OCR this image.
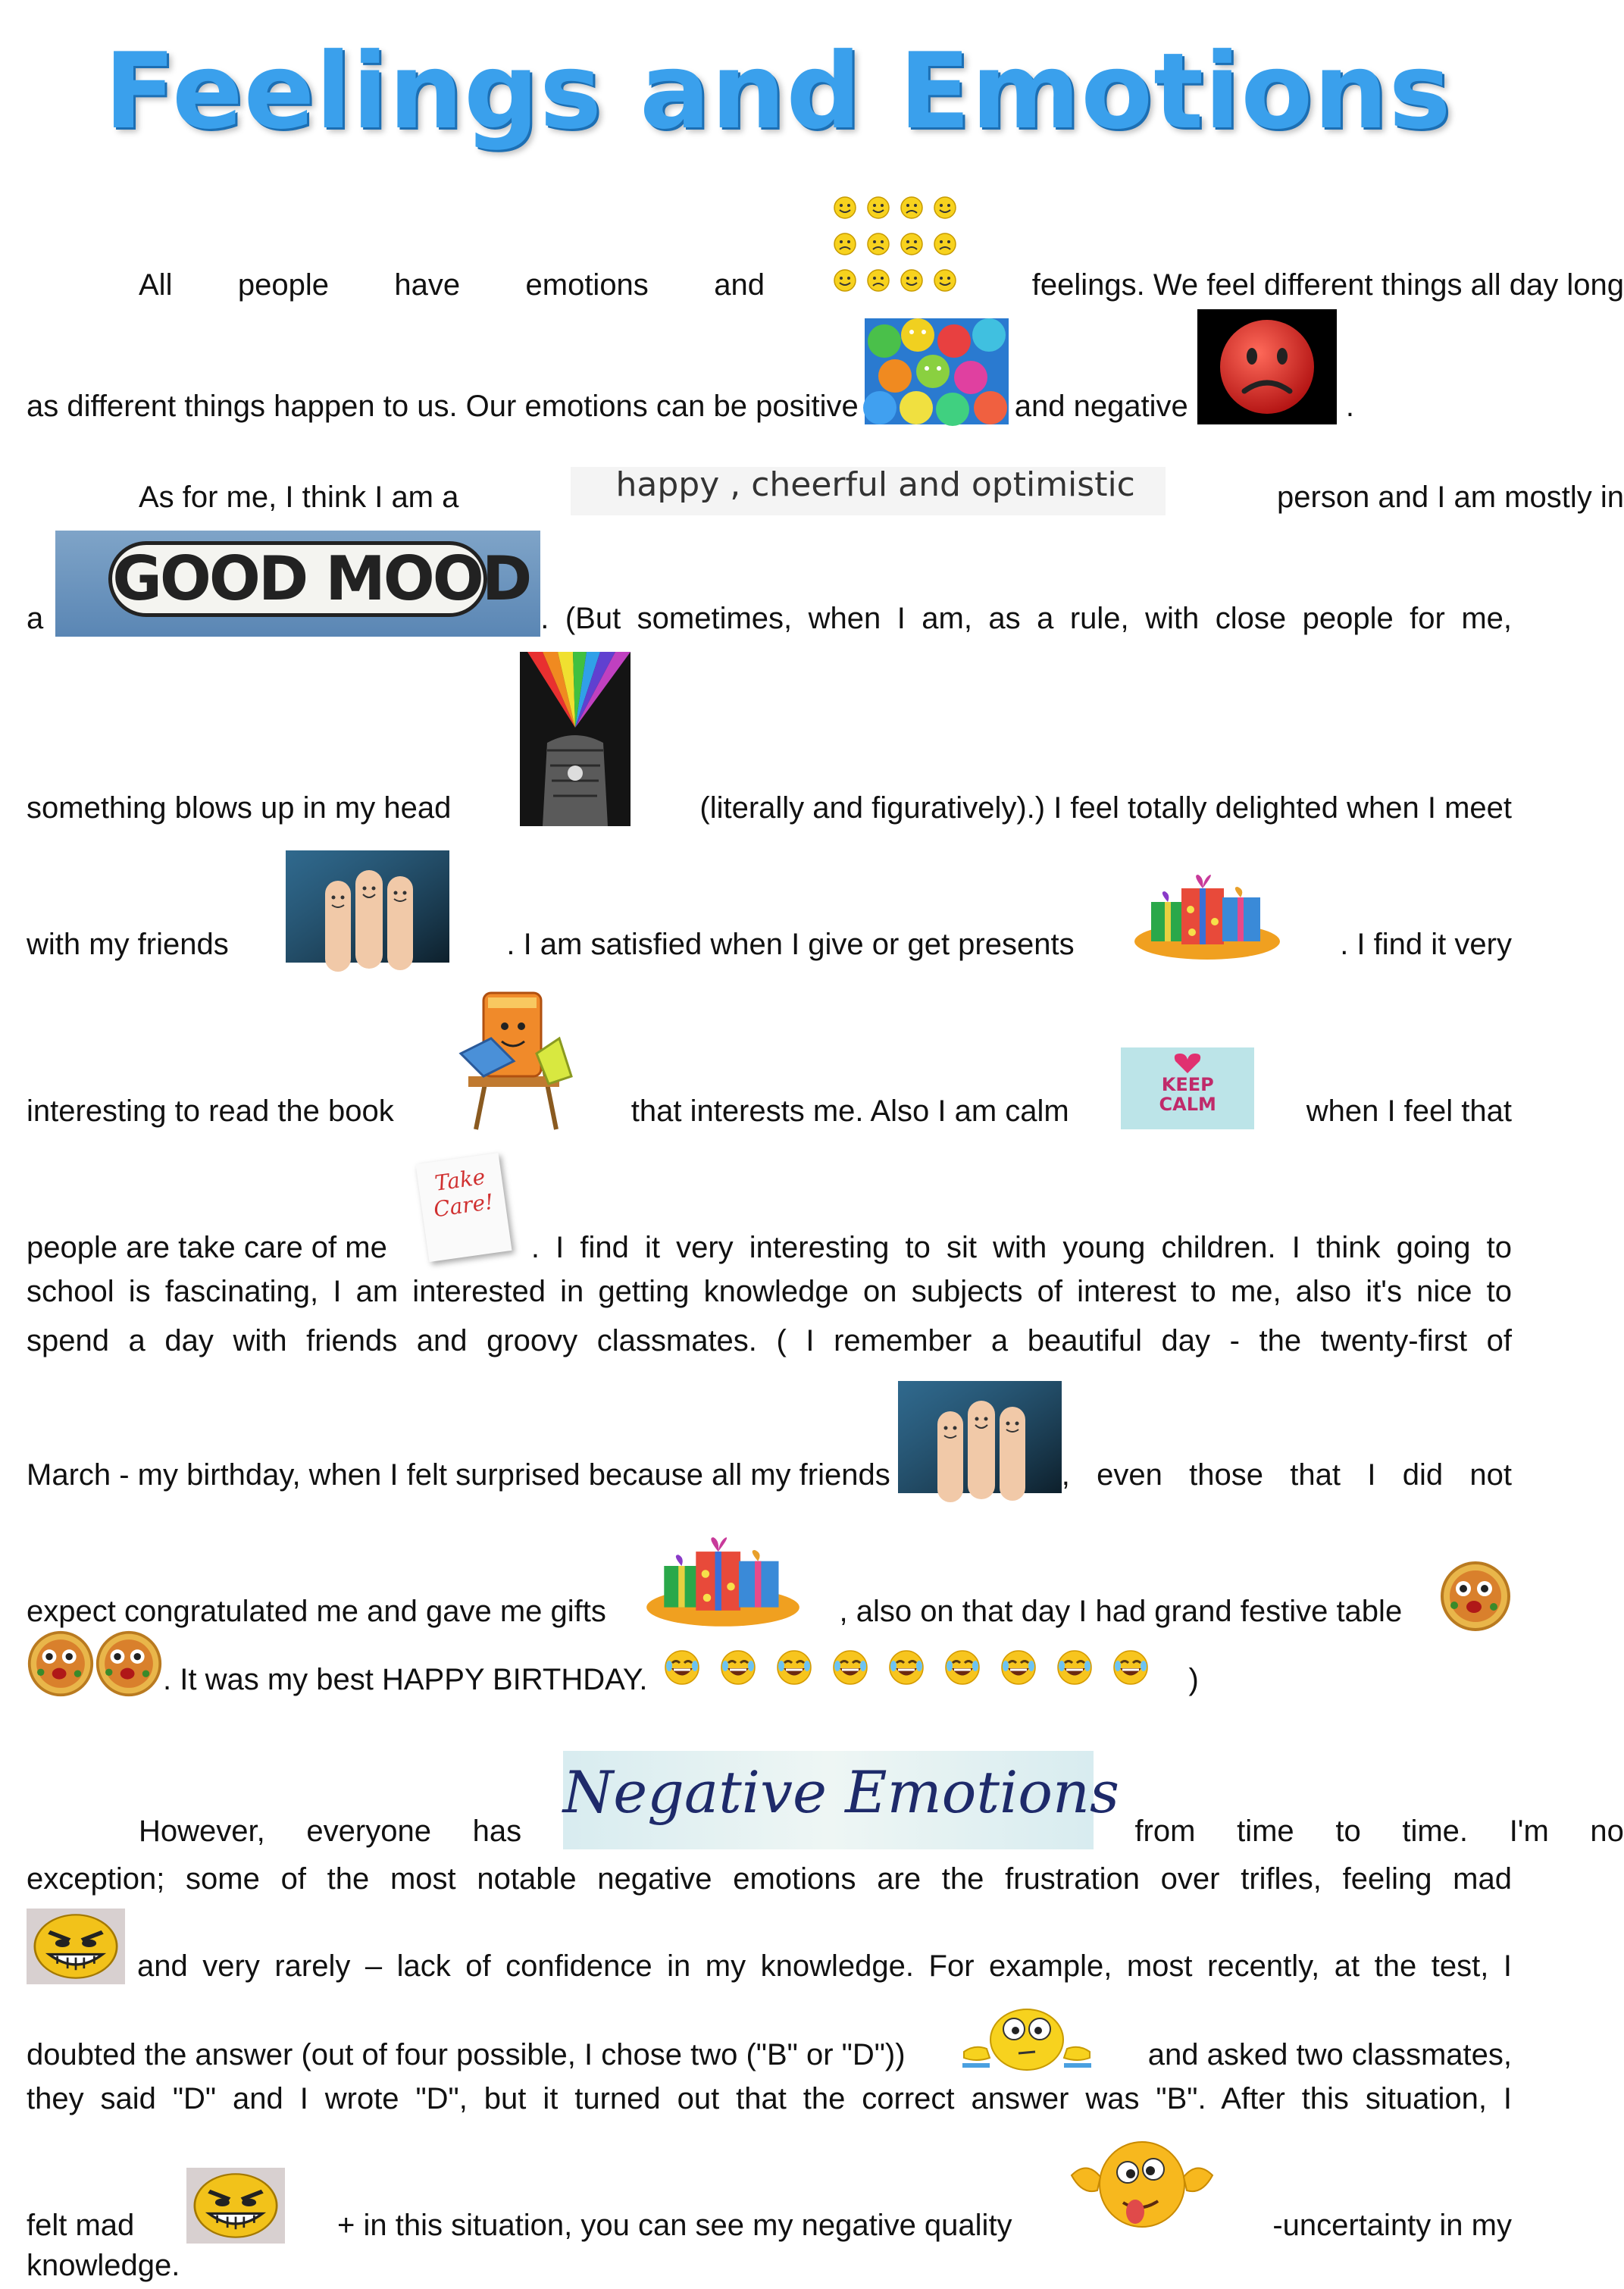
Feelings and Emotions
All people have emotions and	feelings. We feel different things all day long
as different things happen to us. Our emotions can be positive	and negative	.
As for me, I think I am a	happy , cheerful and optimistic	person and I am mostly in
a
GOOD MOOD
. (But sometimes, when I am, as a rule, with close people for me,
something blows up in my head	(literally and figuratively).) I feel totally delighted when I meet
with my friends	. I am satisfied when I give or get presents	. I find it very
interesting to read the book	that interests me. Also I am calm
KEEP
CALM	when I feel that
people are take care of me
Take
Care!
. I find it very interesting to sit with young children. I think going to
school is fascinating, I am interested in getting knowledge on subjects of interest to me, also it's nice to
spend a day with friends and groovy classmates. ( I remember a beautiful day - the twenty-first of
March - my birthday, when I felt surprised because all my friends	, even those that I did not
expect congratulated me and gave me gifts	, also on that day I had grand festive table
. It was my best HAPPY BIRTHDAY.	)
However, everyone has
Negative Emotions
from time to time. I'm no
exception; some of the most notable negative emotions are the frustration over trifles, feeling mad
and very rarely – lack of confidence in my knowledge. For example, most recently, at the test, I
doubted the answer (out of four possible, I chose two ("B" or "D"))	and asked two classmates,
they said "D" and I wrote "D", but it turned out that the correct answer was "B". After this situation, I
felt mad	+ in this situation, you can see my negative quality	-uncertainty in my
knowledge.
